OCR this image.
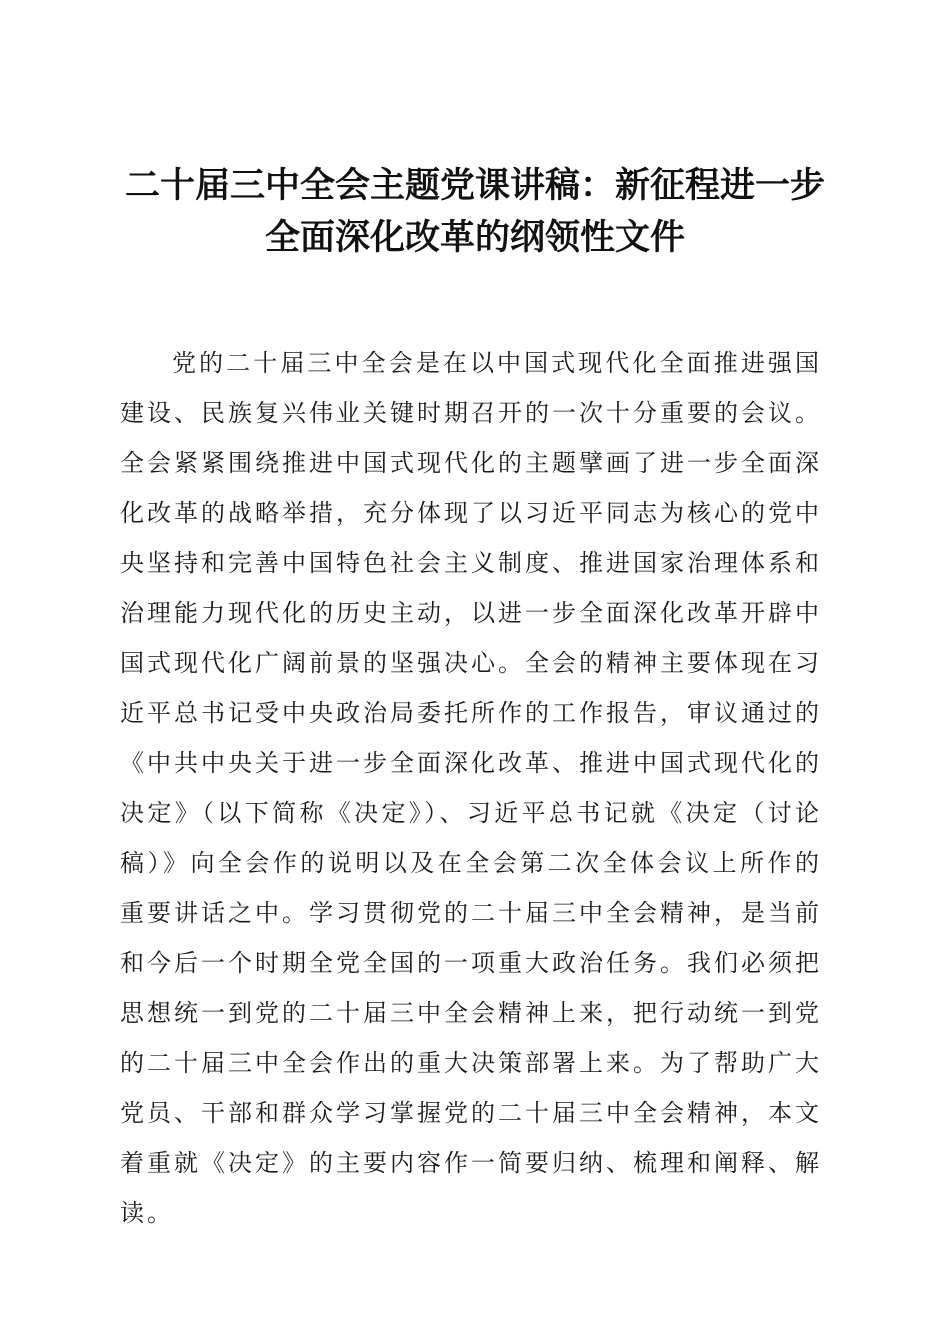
二十届三中全会主题党课讲稿：新征程进一步
全面深化改革的纲领性文件

党的二十届三中全会是在以中国式现代化全面推进强国建设、民族复兴伟业关键时期召开的一次十分重要的会议。全会紧紧围绕推进中国式现代化的主题擘画了进一步全面深化改革的战略举措，充分体现了以习近平同志为核心的党中央坚持和完善中国特色社会主义制度、推进国家治理体系和治理能力现代化的历史主动，以进一步全面深化改革开辟中国式现代化广阔前景的坚强决心。全会的精神主要体现在习近平总书记受中央政治局委托所作的工作报告，审议通过的《中共中央关于进一步全面深化改革、推进中国式现代化的决定》（以下简称《决定》）、习近平总书记就《决定（讨论稿）》向全会作的说明以及在全会第二次全体会议上所作的重要讲话之中。学习贯彻党的二十届三中全会精神，是当前和今后一个时期全党全国的一项重大政治任务。我们必须把思想统一到党的二十届三中全会精神上来，把行动统一到党的二十届三中全会作出的重大决策部署上来。为了帮助广大党员、干部和群众学习掌握党的二十届三中全会精神，本文着重就《决定》的主要内容作一简要归纳、梳理和阐释、解读。
